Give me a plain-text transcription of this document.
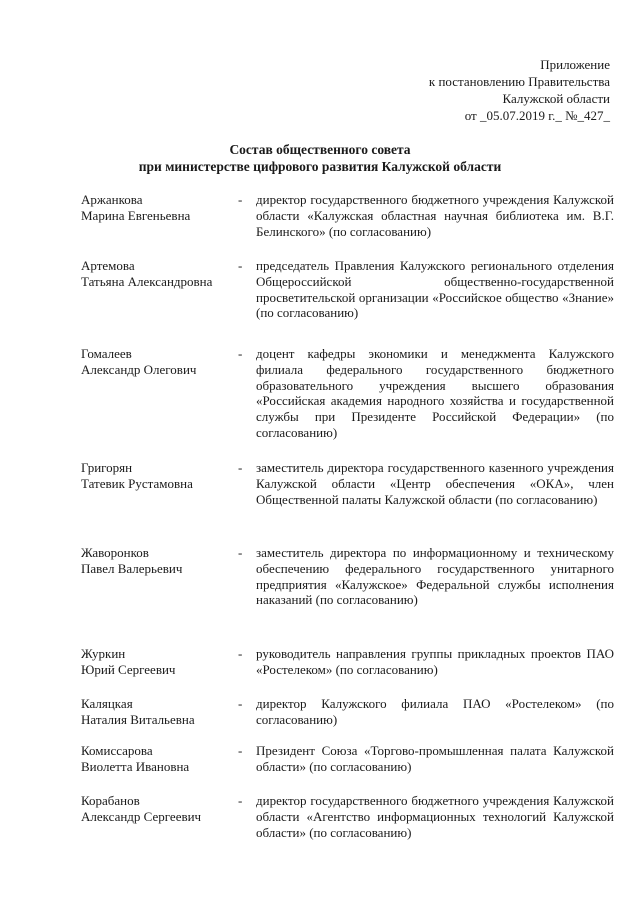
Приложение
к постановлению Правительства
Калужской области
от _05.07.2019 г._ №_427_
Состав общественного совета
при министерстве цифрового развития Калужской области
Аржанкова
Марина Евгеньевна
- директор государственного бюджетного учреждения Калужской области «Калужская областная научная библиотека им. В.Г. Белинского» (по согласованию)
Артемова
Татьяна Александровна
- председатель Правления Калужского регионального отделения Общероссийской общественно-государственной просветительской организации «Российское общество «Знание» (по согласованию)
Гомалеев
Александр Олегович
- доцент кафедры экономики и менеджмента Калужского филиала федерального государственного бюджетного образовательного учреждения высшего образования «Российская академия народного хозяйства и государственной службы при Президенте Российской Федерации» (по согласованию)
Григорян
Татевик Рустамовна
- заместитель директора государственного казенного учреждения Калужской области «Центр обеспечения «ОКА», член Общественной палаты Калужской области (по согласованию)
Жаворонков
Павел Валерьевич
- заместитель директора по информационному и техническому обеспечению федерального государственного унитарного предприятия «Калужское» Федеральной службы исполнения наказаний (по согласованию)
Журкин
Юрий Сергеевич
- руководитель направления группы прикладных проектов ПАО «Ростелеком» (по согласованию)
Каляцкая
Наталия Витальевна
- директор Калужского филиала ПАО «Ростелеком» (по согласованию)
Комиссарова
Виолетта Ивановна
- Президент Союза «Торгово-промышленная палата Калужской области» (по согласованию)
Корабанов
Александр Сергеевич
- директор государственного бюджетного учреждения Калужской области «Агентство информационных технологий Калужской области» (по согласованию)
